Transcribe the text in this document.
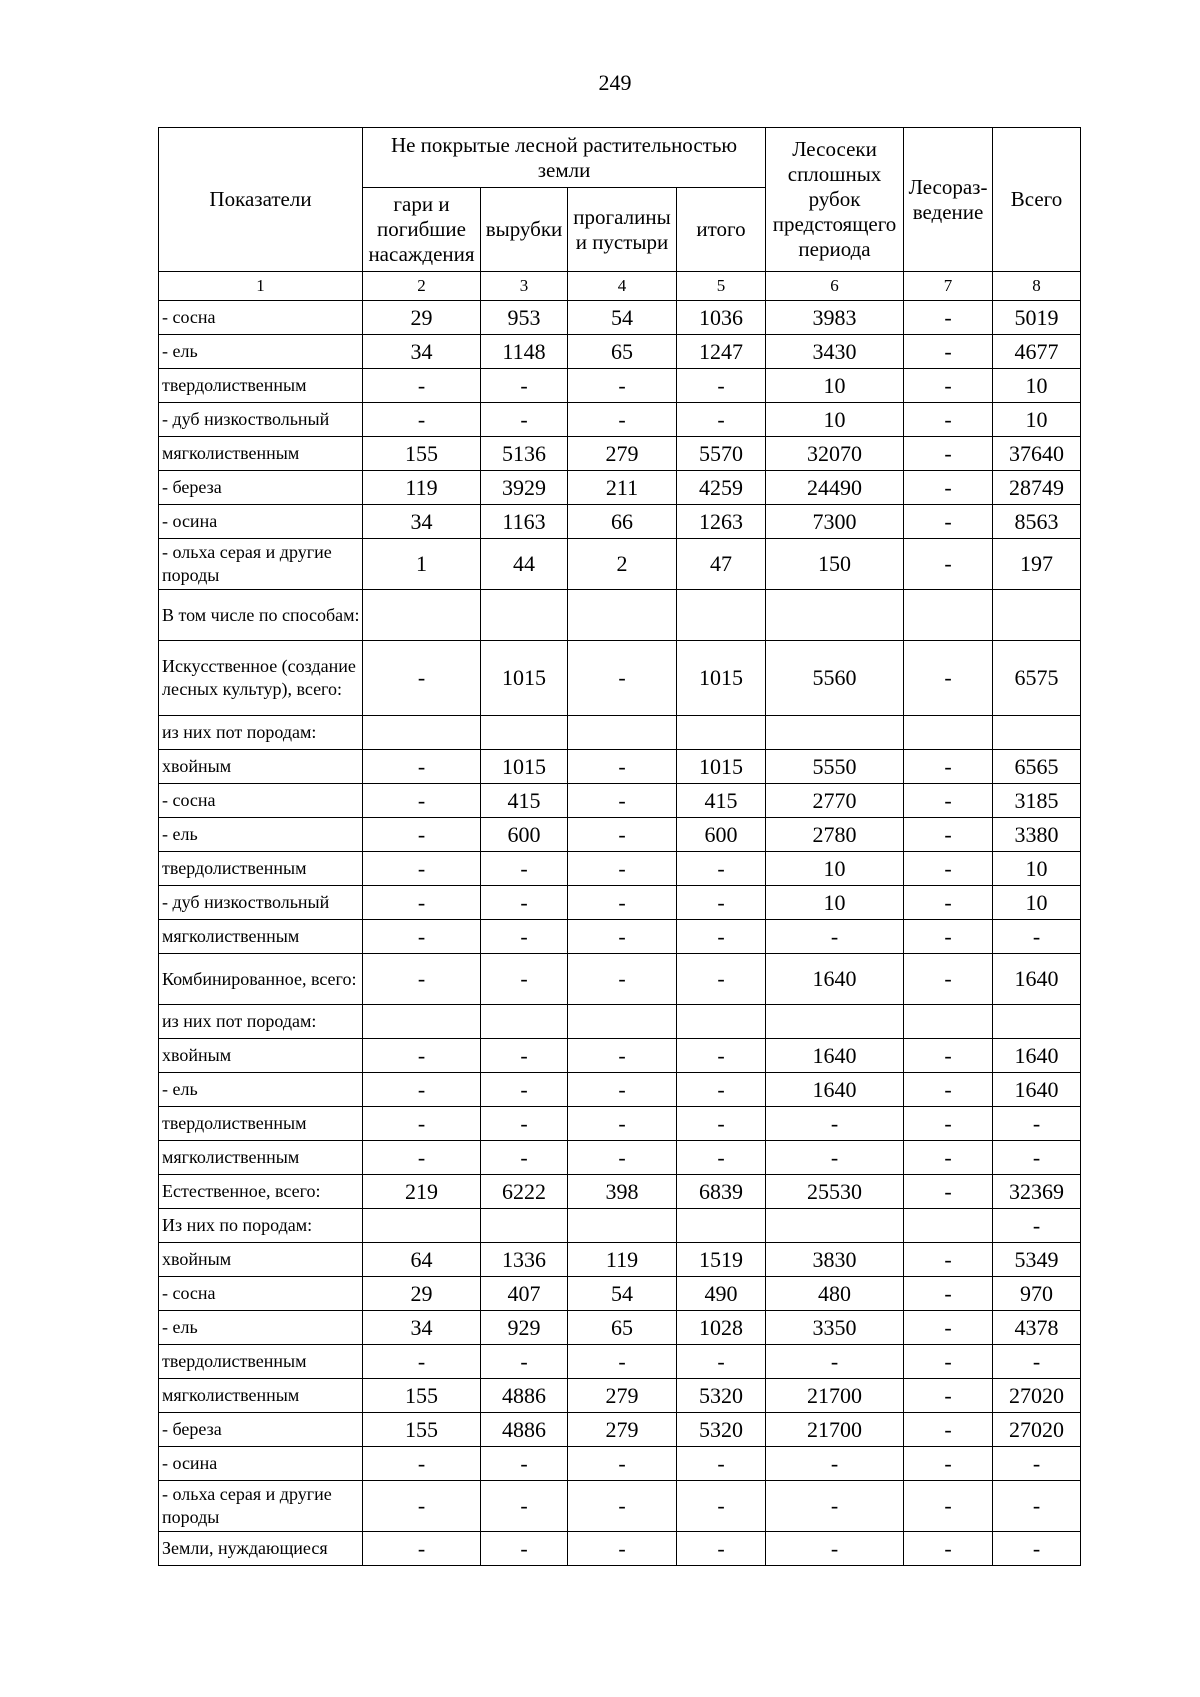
249
Показатели	Не покрытые лесной растительностью земли				Лесосеки сплошных рубок предстоящего периода	Лесораз-ведение	Всего
	гари и погибшие насаждения	вырубки	прогалины и пустыри	итого			
1	2	3	4	5	6	7	8
- сосна	29	953	54	1036	3983	-	5019
- ель	34	1148	65	1247	3430	-	4677
твердолиственным	-	-	-	-	10	-	10
- дуб низкоствольный	-	-	-	-	10	-	10
мягколиственным	155	5136	279	5570	32070	-	37640
- береза	119	3929	211	4259	24490	-	28749
- осина	34	1163	66	1263	7300	-	8563
- ольха серая и другие породы	1	44	2	47	150	-	197
В том числе по способам:							
Искусственное (создание лесных культур), всего:	-	1015	-	1015	5560	-	6575
из них пот породам:							
хвойным	-	1015	-	1015	5550	-	6565
- сосна	-	415	-	415	2770	-	3185
- ель	-	600	-	600	2780	-	3380
твердолиственным	-	-	-	-	10	-	10
- дуб низкоствольный	-	-	-	-	10	-	10
мягколиственным	-	-	-	-	-	-	-
Комбинированное, всего:	-	-	-	-	1640	-	1640
из них пот породам:							
хвойным	-	-	-	-	1640	-	1640
- ель	-	-	-	-	1640	-	1640
твердолиственным	-	-	-	-	-	-	-
мягколиственным	-	-	-	-	-	-	-
Естественное, всего:	219	6222	398	6839	25530	-	32369
Из них по породам:							-
хвойным	64	1336	119	1519	3830	-	5349
- сосна	29	407	54	490	480	-	970
- ель	34	929	65	1028	3350	-	4378
твердолиственным	-	-	-	-	-	-	-
мягколиственным	155	4886	279	5320	21700	-	27020
- береза	155	4886	279	5320	21700	-	27020
- осина	-	-	-	-	-	-	-
- ольха серая и другие породы	-	-	-	-	-	-	-
Земли, нуждающиеся	-	-	-	-	-	-	-
